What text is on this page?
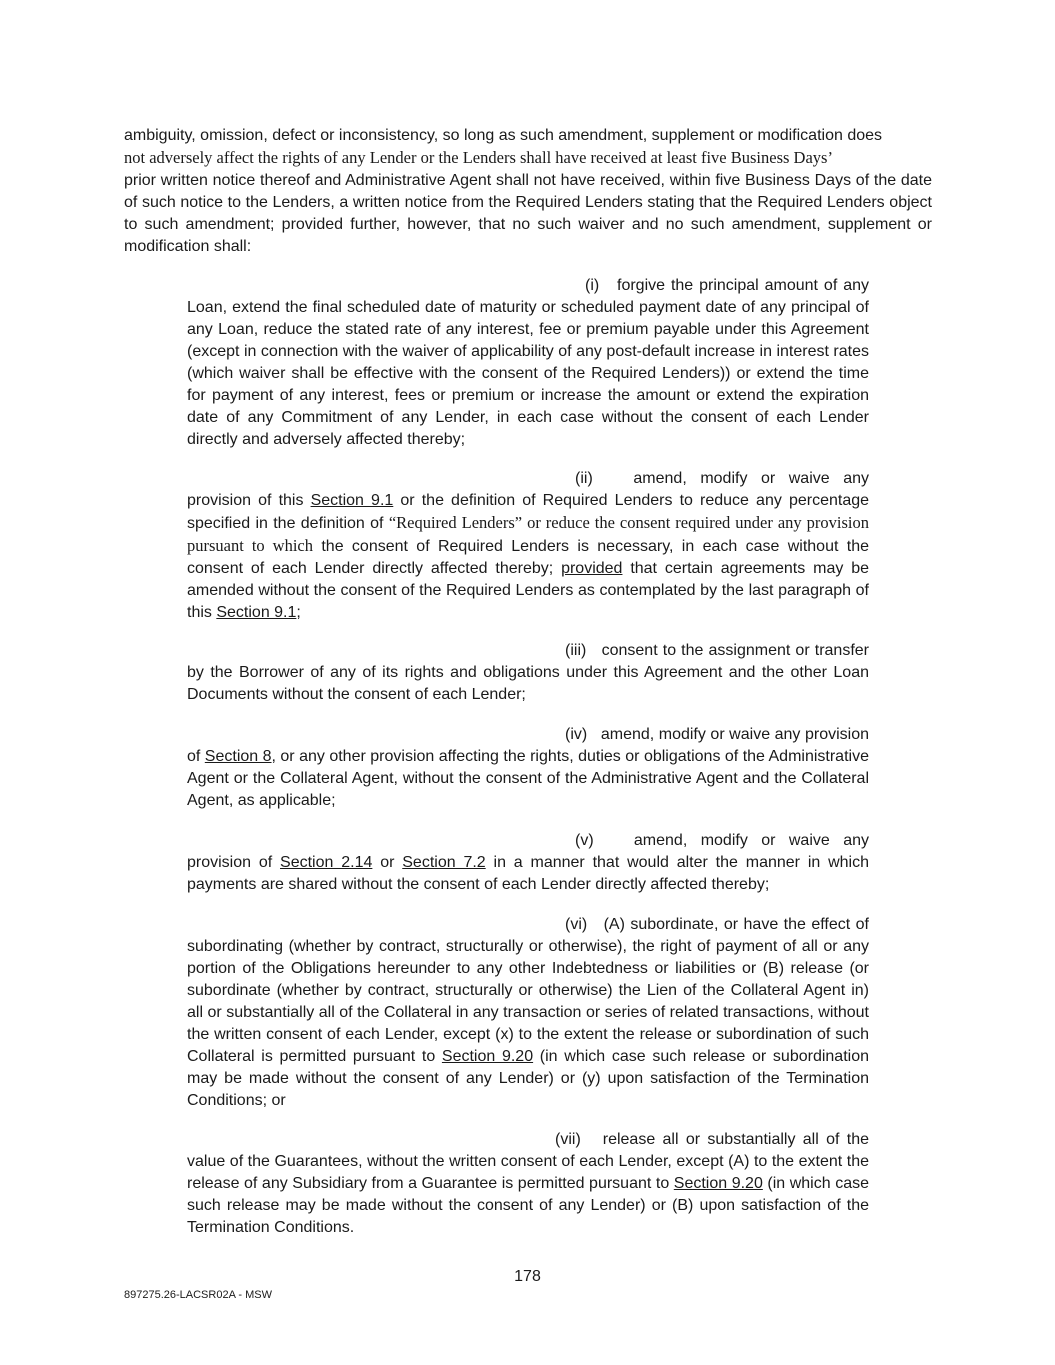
ambiguity, omission, defect or inconsistency, so long as such amendment, supplement or modification does
not adversely affect the rights of any Lender or the Lenders shall have received at least five Business Days’
prior written notice thereof and Administrative Agent shall not have received, within five Business Days of the date of such notice to the Lenders, a written notice from the Required Lenders stating that the Required Lenders object to such amendment; provided further, however, that no such waiver and no such amendment, supplement or modification shall:
(i) forgive the principal amount of any Loan, extend the final scheduled date of maturity or scheduled payment date of any principal of any Loan, reduce the stated rate of any interest, fee or premium payable under this Agreement (except in connection with the waiver of applicability of any post-default increase in interest rates (which waiver shall be effective with the consent of the Required Lenders)) or extend the time for payment of any interest, fees or premium or increase the amount or extend the expiration date of any Commitment of any Lender, in each case without the consent of each Lender directly and adversely affected thereby;
(ii)	amend, modify or waive any provision of this Section 9.1 or the definition of Required Lenders to reduce any percentage specified in the definition of “Required Lenders” or reduce the consent required under any provision pursuant to which the consent of Required Lenders is necessary, in each case without the consent of each Lender directly affected thereby; provided that certain agreements may be amended without the consent of the Required Lenders as contemplated by the last paragraph of this Section 9.1;
(iii) consent to the assignment or transfer by the Borrower of any of its rights and obligations under this Agreement and the other Loan Documents without the consent of each Lender;
(iv) amend, modify or waive any provision of Section 8, or any other provision affecting the rights, duties or obligations of the Administrative Agent or the Collateral Agent, without the consent of the Administrative Agent and the Collateral Agent, as applicable;
(v)	amend, modify or waive any provision of Section 2.14 or Section 7.2 in a manner that would alter the manner in which payments are shared without the consent of each Lender directly affected thereby;
(vi) (A) subordinate, or have the effect of subordinating (whether by contract, structurally or otherwise), the right of payment of all or any portion of the Obligations hereunder to any other Indebtedness or liabilities or (B) release (or subordinate (whether by contract, structurally or otherwise) the Lien of the Collateral Agent in) all or substantially all of the Collateral in any transaction or series of related transactions, without the written consent of each Lender, except (x) to the extent the release or subordination of such Collateral is permitted pursuant to Section 9.20 (in which case such release or subordination may be made without the consent of any Lender) or (y) upon satisfaction of the Termination Conditions; or
(vii) release all or substantially all of the value of the Guarantees, without the written consent of each Lender, except (A) to the extent the release of any Subsidiary from a Guarantee is permitted pursuant to Section 9.20 (in which case such release may be made without the consent of any Lender) or (B) upon satisfaction of the Termination Conditions.
178
897275.26-LACSR02A - MSW
